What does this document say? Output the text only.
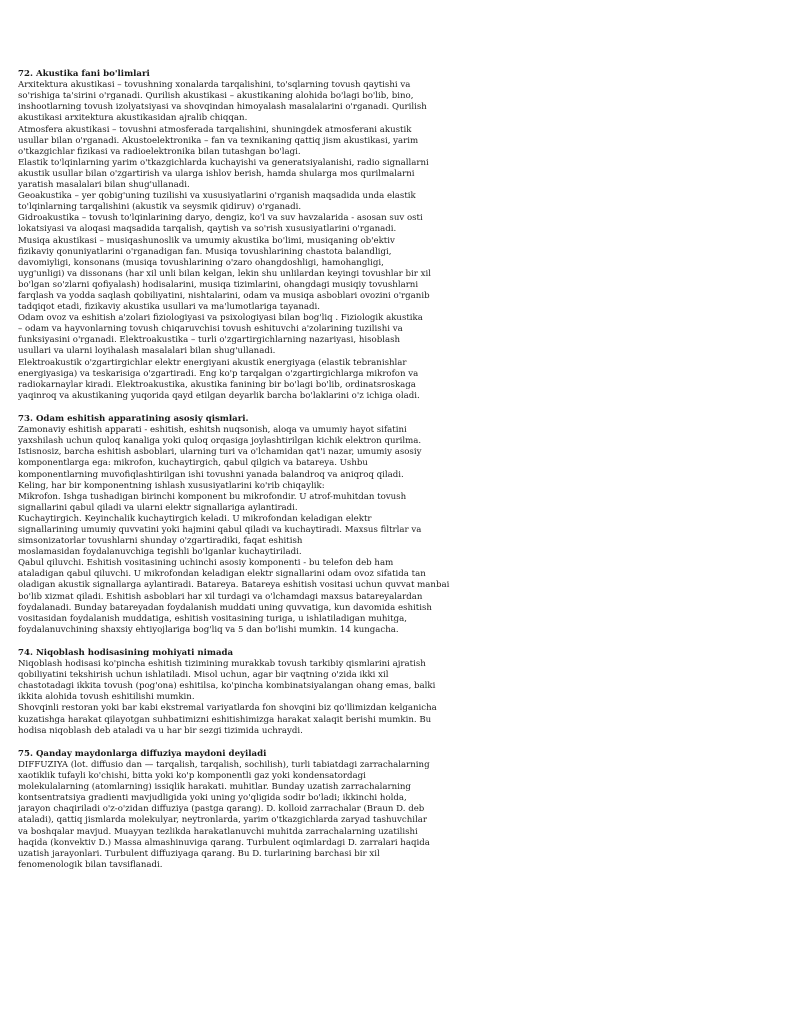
72. Akustika fani bo'limlari

Arxitektura akustikasi – tovushning xonalarda tarqalishini, to'sqlarning tovush qaytishi va

so'rishiga ta'sirini o'rganadi. Qurilish akustikasi – akustikaning alohida bo'lagi bo'lib, bino,

inshootlarning tovush izolyatsiyasi va shovqindan himoyalash masalalarini o'rganadi. Qurilish

akustikasi arxitektura akustikasidan ajralib chiqqan.

Atmosfera akustikasi – tovushni atmosferada tarqalishini, shuningdek atmosferani akustik

usullar bilan o'rganadi. Akustoelektronika – fan va texnikaning qattiq jism akustikasi, yarim

o'tkazgichlar fizikasi va radioelektronika bilan tutashgan bo'lagi.

Elastik to'lqinlarning yarim o'tkazgichlarda kuchayishi va generatsiyalanishi, radio signallarni

akustik usullar bilan o'zgartirish va ularga ishlov berish, hamda shularga mos qurilmalarni

yaratish masalalari bilan shug'ullanadi.

Geoakustika – yer qobig'uning tuzilishi va xususiyatlarini o'rganish maqsadida unda elastik

to'lqinlarning tarqalishini (akustik va seysmik qidiruv) o'rganadi.

Gidroakustika – tovush to'lqinlarining daryo, dengiz, ko'l va suv havzalarida - asosan suv osti

lokatsiyasi va aloqasi maqsadida tarqalish, qaytish va so'rish xususiyatlarini o'rganadi.

Musiqa akustikasi – musiqashunoslik va umumiy akustika bo'limi, musiqaning ob'ektiv

fizikaviy qonuniyatlarini o'rganadigan fan. Musiqa tovushlarining chastota balandligi,

davomiyligi, konsonans (musiqa tovushlarining o'zaro ohangdoshligi, hamohangligi,

uyg'unligi) va dissonans (har xil unli bilan kelgan, lekin shu unlilardan keyingi tovushlar bir xil

bo'lgan so'zlarni qofiyalash) hodisalarini, musiqa tizimlarini, ohangdagi musiqiy tovushlarni

farqlash va yodda saqlash qobiliyatini, nishtalarini, odam va musiqa asboblari ovozini o'rganib

tadqiqot etadi, fizikaviy akustika usullari va ma'lumotlariga tayanadi.

Odam ovoz va eshitish a'zolari fiziologiyasi va psixologiyasi bilan bog'liq . Fiziologik akustika

– odam va hayvonlarning tovush chiqaruvchisi tovush eshituvchi a'zolarining tuzilishi va

funksiyasini o'rganadi. Elektroakustika – turli o'zgartirgichlarning nazariyasi, hisoblash

usullari va ularni loyihalash masalalari bilan shug'ullanadi.

Elektroakustik o'zgartirgichlar elektr energiyani akustik energiyaga (elastik tebranishlar

energiyasiga) va teskarisiga o'zgartiradi. Eng ko'p tarqalgan o'zgartirgichlarga mikrofon va

radiokarnaylar kiradi. Elektroakustika, akustika fanining bir bo'lagi bo'lib, ordinatsroskaga

yaqinroq va akustikaning yuqorida qayd etilgan deyarlik barcha bo'laklarini o'z ichiga oladi.

73. Odam eshitish apparatining asosiy qismlari.

Zamonaviy eshitish apparati - eshitish, eshitsh nuqsonish, aloqa va umumiy hayot sifatini

yaxshilash uchun quloq kanaliga yoki quloq orqasiga joylashtirilgan kichik elektron qurilma.

Istisnosiz, barcha eshitish asboblari, ularning turi va o'lchamidan qat'i nazar, umumiy asosiy

komponentlarga ega: mikrofon, kuchaytirgich, qabul qilgich va batareya. Ushbu

komponentlarning muvofiqlashtirilgan ishi tovushni yanada balandroq va aniqroq qiladi.

Keling, har bir komponentning ishlash xususiyatlarini ko'rib chiqaylik:

Mikrofon. Ishga tushadigan birinchi komponent bu mikrofondir. U atrof-muhitdan tovush

signallarini qabul qiladi va ularni elektr signallariga aylantiradi.

Kuchaytirgich. Keyinchalik kuchaytirgich keladi. U mikrofondan keladigan elektr

signallarining umumiy quvvatini yoki hajmini qabul qiladi va kuchaytiradi. Maxsus filtrlar va

simsonizatorlar tovushlarni shunday o'zgartiradiki, faqat eshitish

moslamasidan foydalanuvchiga tegishli bo'lganlar kuchaytiriladi.

Qabul qiluvchi. Eshitish vositasining uchinchi asosiy komponenti - bu telefon deb ham

ataladigan qabul qiluvchi. U mikrofondan keladigan elektr signallarini odam ovoz sifatida tan

oladigan akustik signallarga aylantiradi. Batareya. Batareya eshitish vositasi uchun quvvat manbai

bo'lib xizmat qiladi. Eshitish asboblari har xil turdagi va o'lchamdagi maxsus batareyalardan

foydalanadi. Bunday batareyadan foydalanish muddati uning quvvatiga, kun davomida eshitish

vositasidan foydalanish muddatiga, eshitish vositasining turiga, u ishlatiladigan muhitga,

foydalanuvchining shaxsiy ehtiyojlariga bog'liq va 5 dan bo'lishi mumkin. 14 kungacha.

74. Niqoblash hodisasining mohiyati nimada

Niqoblash hodisasi ko'pincha eshitish tizimining murakkab tovush tarkibiy qismlarini ajratish

qobiliyatini tekshirish uchun ishlatiladi. Misol uchun, agar bir vaqtning o'zida ikki xil

chastotadagi ikkita tovush (pog'ona) eshitilsa, ko'pincha kombinatsiyalangan ohang emas, balki

ikkita alohida tovush eshitilishi mumkin.

Shovqinli restoran yoki bar kabi ekstremal variyatlarda fon shovqini biz qo'llimizdan kelganicha

kuzatishga harakat qilayotgan suhbatimizni eshitishimizga harakat xalaqit berishi mumkin. Bu

hodisa niqoblash deb ataladi va u har bir sezgi tizimida uchraydi.

75. Qanday maydonlarga diffuziya maydoni deyiladi

DIFFUZIYA (lot. diffusio dan — tarqalish, tarqalish, sochilish), turli tabiatdagi zarrachalarning

xaotiklik tufayli ko'chishi, bitta yoki ko'p komponentli gaz yoki kondensatordagi

molekulalarning (atomlarning) issiqlik harakati. muhitlar. Bunday uzatish zarrachalarning

kontsentratsiya gradienti mavjudligida yoki uning yo'qligida sodir bo'ladi; ikkinchi holda,

jarayon chaqiriladi o'z-o'zidan diffuziya (pastga qarang). D. kolloid zarrachalar (Braun D. deb

ataladi), qattiq jismlarda molekulyar, neytronlarda, yarim o'tkazgichlarda zaryad tashuvchilar

va boshqalar mavjud. Muayyan tezlikda harakatlanuvchi muhitda zarrachalarning uzatilishi

haqida (konvektiv D.) Massa almashinuviga qarang. Turbulent oqimlardagi D. zarralari haqida

uzatish jarayonlari. Turbulent diffuziyaga qarang. Bu D. turlarining barchasi bir xil

fenomenologik bilan tavsiflanadi.
